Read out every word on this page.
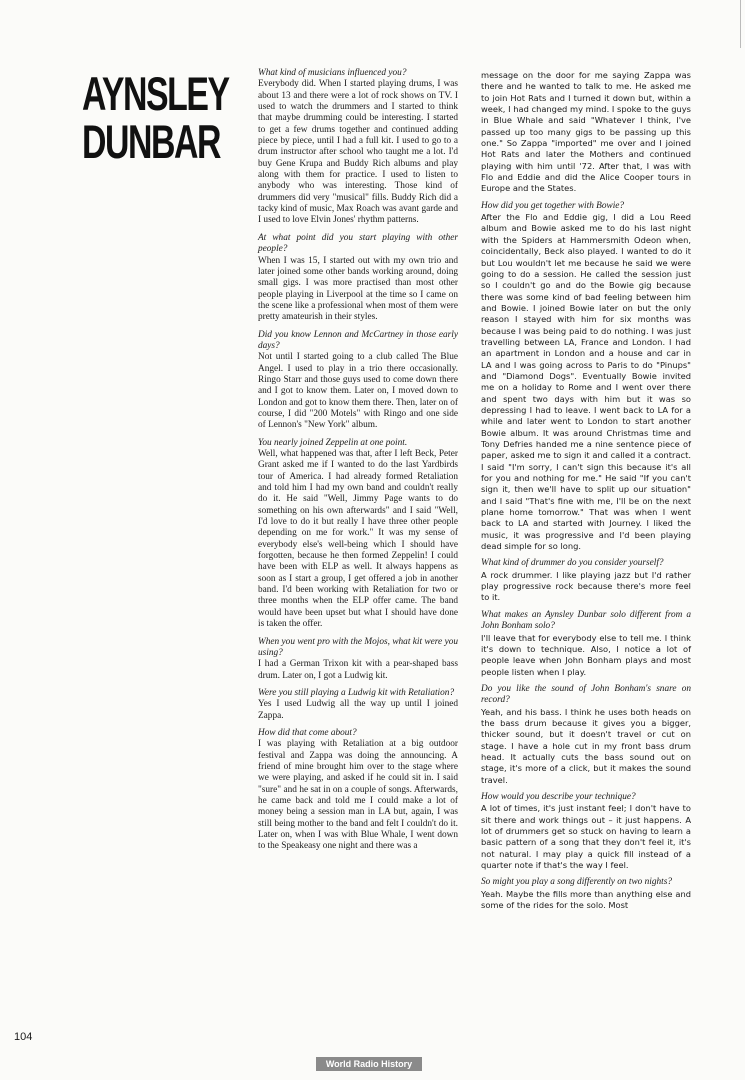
AYNSLEY
DUNBAR

What kind of musicians influenced you?

Everybody did. When I started playing drums, I was about 13 and there were a lot of rock shows on TV. I used to watch the drummers and I started to think that maybe drumming could be interesting. I started to get a few drums together and continued adding piece by piece, until I had a full kit. I used to go to a drum instructor after school who taught me a lot. I'd buy Gene Krupa and Buddy Rich albums and play along with them for practice. I used to listen to anybody who was interesting. Those kind of drummers did very "musical" fills. Buddy Rich did a tacky kind of music, Max Roach was avant garde and I used to love Elvin Jones' rhythm patterns.

At what point did you start playing with other people?

When I was 15, I started out with my own trio and later joined some other bands working around, doing small gigs. I was more practised than most other people playing in Liverpool at the time so I came on the scene like a professional when most of them were pretty amateurish in their styles.

Did you know Lennon and McCartney in those early days?

Not until I started going to a club called The Blue Angel. I used to play in a trio there occasionally. Ringo Starr and those guys used to come down there and I got to know them. Later on, I moved down to London and got to know them there. Then, later on of course, I did "200 Motels" with Ringo and one side of Lennon's "New York" album.

You nearly joined Zeppelin at one point.

Well, what happened was that, after I left Beck, Peter Grant asked me if I wanted to do the last Yardbirds tour of America. I had already formed Retaliation and told him I had my own band and couldn't really do it. He said "Well, Jimmy Page wants to do something on his own afterwards" and I said "Well, I'd love to do it but really I have three other people depending on me for work." It was my sense of everybody else's well-being which I should have forgotten, because he then formed Zeppelin! I could have been with ELP as well. It always happens as soon as I start a group, I get offered a job in another band. I'd been working with Retaliation for two or three months when the ELP offer came. The band would have been upset but what I should have done is taken the offer.

When you went pro with the Mojos, what kit were you using?

I had a German Trixon kit with a pear-shaped bass drum. Later on, I got a Ludwig kit.

Were you still playing a Ludwig kit with Retaliation?

Yes I used Ludwig all the way up until I joined Zappa.

How did that come about?

I was playing with Retaliation at a big outdoor festival and Zappa was doing the announcing. A friend of mine brought him over to the stage where we were playing, and asked if he could sit in. I said "sure" and he sat in on a couple of songs. Afterwards, he came back and told me I could make a lot of money being a session man in LA but, again, I was still being mother to the band and felt I couldn't do it. Later on, when I was with Blue Whale, I went down to the Speakeasy one night and there was a

message on the door for me saying Zappa was there and he wanted to talk to me. He asked me to join Hot Rats and I turned it down but, within a week, I had changed my mind. I spoke to the guys in Blue Whale and said "Whatever I think, I've passed up too many gigs to be passing up this one." So Zappa "imported" me over and I joined Hot Rats and later the Mothers and continued playing with him until '72. After that, I was with Flo and Eddie and did the Alice Cooper tours in Europe and the States.

How did you get together with Bowie?

After the Flo and Eddie gig, I did a Lou Reed album and Bowie asked me to do his last night with the Spiders at Hammersmith Odeon when, coincidentally, Beck also played. I wanted to do it but Lou wouldn't let me because he said we were going to do a session. He called the session just so I couldn't go and do the Bowie gig because there was some kind of bad feeling between him and Bowie. I joined Bowie later on but the only reason I stayed with him for six months was because I was being paid to do nothing. I was just travelling between LA, France and London. I had an apartment in London and a house and car in LA and I was going across to Paris to do "Pinups" and "Diamond Dogs". Eventually Bowie invited me on a holiday to Rome and I went over there and spent two days with him but it was so depressing I had to leave. I went back to LA for a while and later went to London to start another Bowie album. It was around Christmas time and Tony Defries handed me a nine sentence piece of paper, asked me to sign it and called it a contract. I said "I'm sorry, I can't sign this because it's all for you and nothing for me." He said "If you can't sign it, then we'll have to split up our situation" and I said "That's fine with me, I'll be on the next plane home tomorrow." That was when I went back to LA and started with Journey. I liked the music, it was progressive and I'd been playing dead simple for so long.

What kind of drummer do you consider yourself?

A rock drummer. I like playing jazz but I'd rather play progressive rock because there's more feel to it.

What makes an Aynsley Dunbar solo different from a John Bonham solo?

I'll leave that for everybody else to tell me. I think it's down to technique. Also, I notice a lot of people leave when John Bonham plays and most people listen when I play.

Do you like the sound of John Bonham's snare on record?

Yeah, and his bass. I think he uses both heads on the bass drum because it gives you a bigger, thicker sound, but it doesn't travel or cut on stage. I have a hole cut in my front bass drum head. It actually cuts the bass sound out on stage, it's more of a click, but it makes the sound travel.

How would you describe your technique?

A lot of times, it's just instant feel; I don't have to sit there and work things out – it just happens. A lot of drummers get so stuck on having to learn a basic pattern of a song that they don't feel it, it's not natural. I may play a quick fill instead of a quarter note if that's the way I feel.

So might you play a song differently on two nights?

Yeah. Maybe the fills more than anything else and some of the rides for the solo. Most

104
World Radio History
